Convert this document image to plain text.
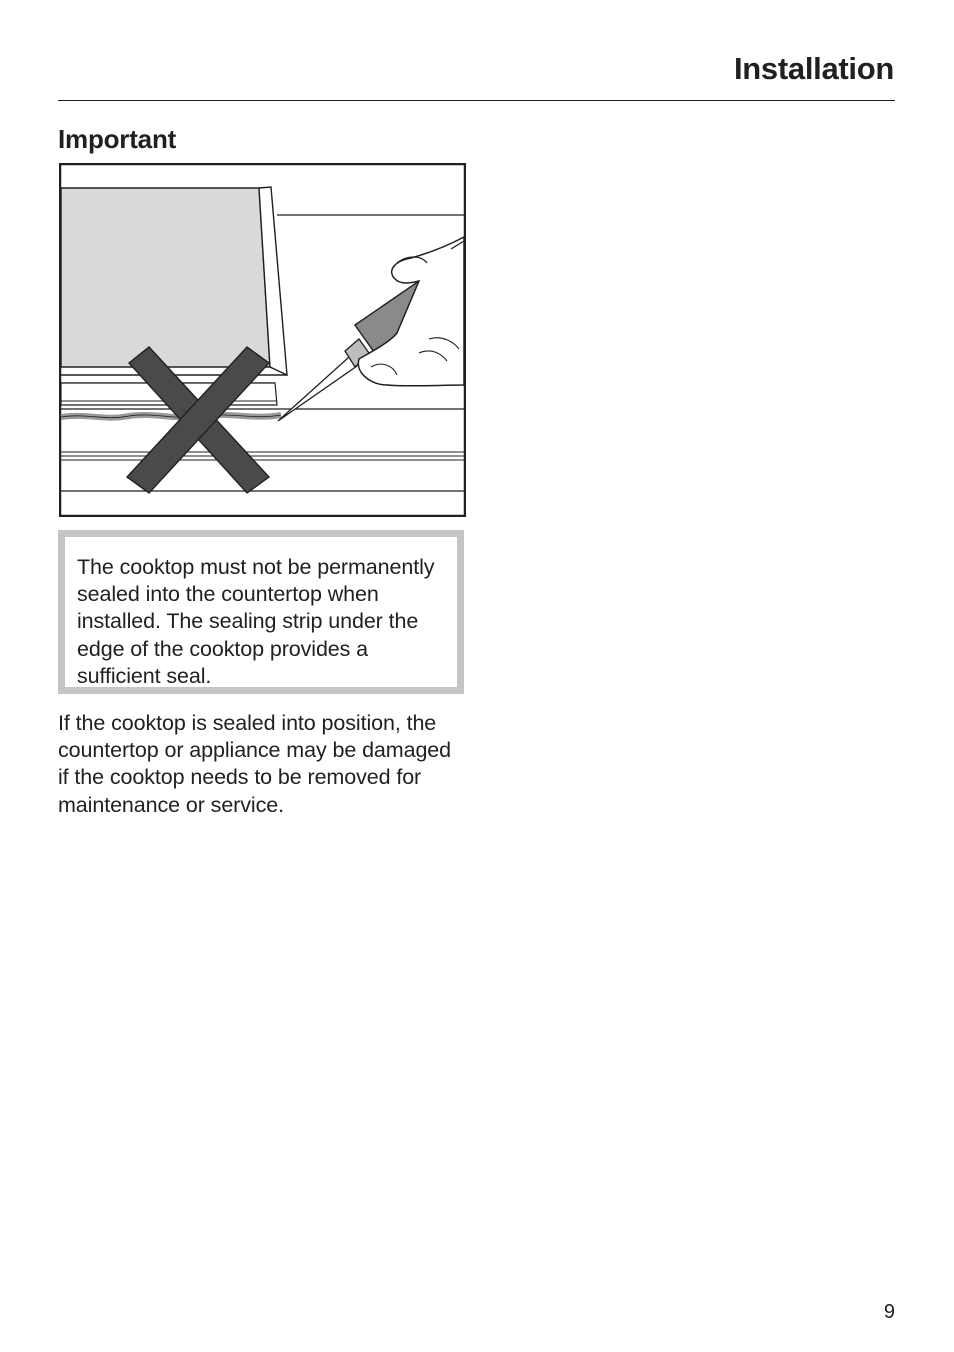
Installation
Important
The cooktop must not be permanently sealed into the countertop when installed. The sealing strip under the edge of the cooktop provides a sufficient seal.
If the cooktop is sealed into position, the countertop or appliance may be damaged if the cooktop needs to be removed for maintenance or service.
9
